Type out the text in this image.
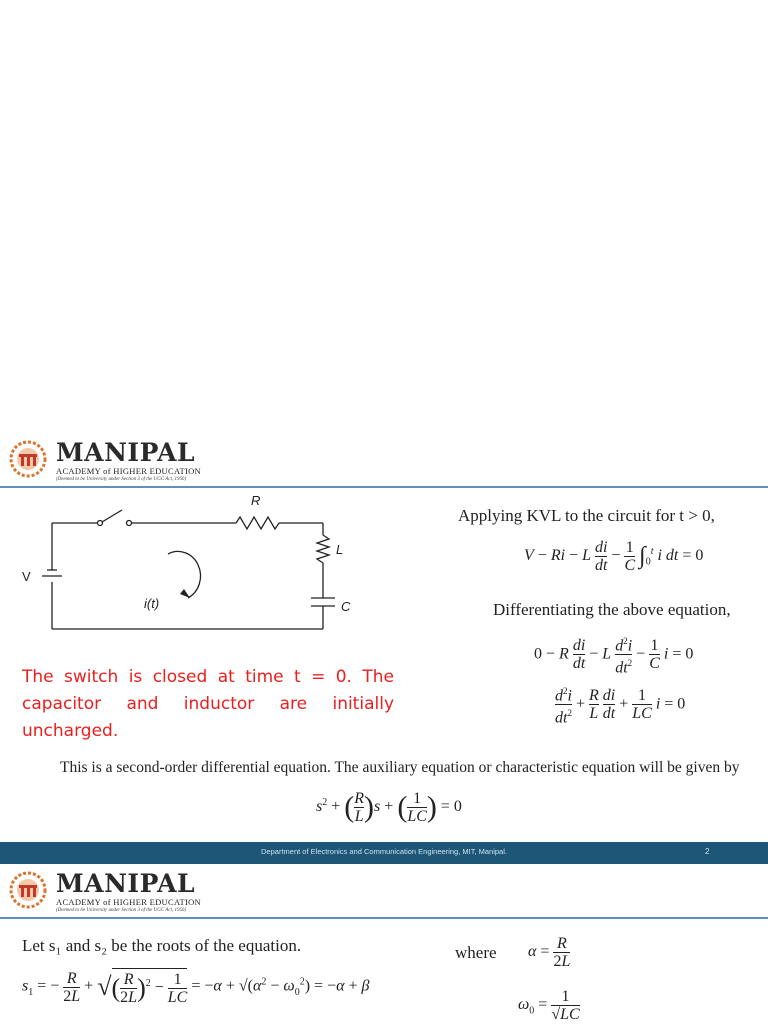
MANIPAL
ACADEMY of HIGHER EDUCATION
(Deemed to be University under Section 3 of the UGC Act, 1956)
V
R
L
C
i(t)
Applying KVL to the circuit for t > 0,
V − Ri − L $\frac{di}{dt} - \frac{1}{C} \int_0^t$ i dt = 0
Differentiating the above equation,
0 − R $\frac{di}{dt} - L \frac{d^2i}{dt^2} - \frac{1}{C}$ i = 0
$\frac{d^2i}{dt^2} + \frac{R}{L}$
$\frac{di}{dt} + \frac{1}{LC}$ i = 0
The switch is closed at time t = 0. The capacitor and inductor are initially uncharged.
This is a second-order differential equation. The auxiliary equation or characteristic equation will be given by
$s^2$ + ( $\frac{R}{L} )s$ + ( $\frac{1}{LC}$ ) = 0
Department of Electronics and Communication Engineering, MIT, Manipal.	2
MANIPAL
ACADEMY of HIGHER EDUCATION
(Deemed to be University under Section 3 of the UGC Act, 1956)
Let s₁ and s₂ be the roots of the equation.
$s_1$ = − $\frac{R}{2L}$ + √( $\frac{R}{2L} )^2 - \frac{1}{LC} = -\alpha + √(\alpha^2 - \omega_0^2) = -\alpha + \beta$
where $\alpha = \frac{R}{2L}$
$\omega_0 = \frac{1}{√LC}$
